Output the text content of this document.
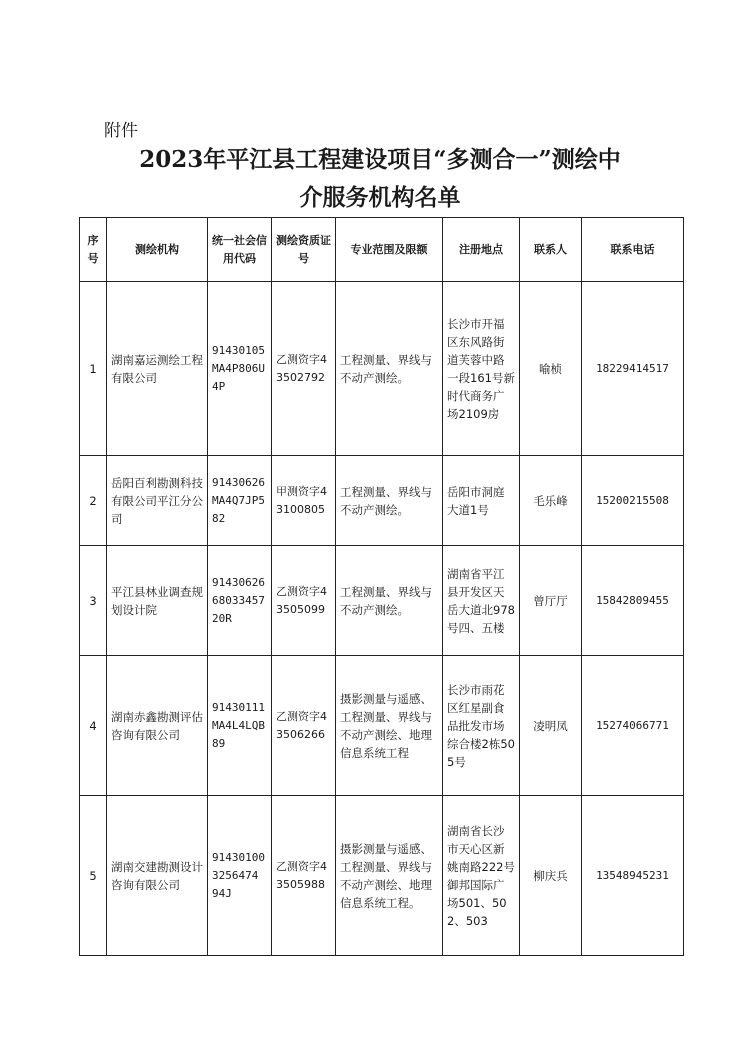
附件
2023年平江县工程建设项目“多测合一”测绘中
介服务机构名单
序号	测绘机构	统一社会信用代码	测绘资质证号	专业范围及限额	注册地点	联系人	联系电话
1	湖南嘉运测绘工程有限公司	91430105MA4P806U4P	乙测资字43502792	工程测量、界线与不动产测绘。	长沙市开福区东风路街道芙蓉中路一段161号新时代商务广场2109房	喻桢	18229414517
2	岳阳百利勘测科技有限公司平江分公司	91430626MA4Q7JP582	甲测资字43100805	工程测量、界线与不动产测绘。	岳阳市洞庭大道1号	毛乐峰	15200215508
3	平江县林业调查规划设计院	914306266803345720R	乙测资字43505099	工程测量、界线与不动产测绘。	湖南省平江县开发区天岳大道北978号四、五楼	曾厅厅	15842809455
4	湖南赤鑫勘测评估咨询有限公司	91430111MA4L4LQB89	乙测资字43506266	摄影测量与遥感、工程测量、界线与不动产测绘、地理信息系统工程	长沙市雨花区红星副食品批发市场综合楼2栋505号	凌明凤	15274066771
5	湖南交建勘测设计咨询有限公司	914301003256474 94J	乙测资字43505988	摄影测量与遥感、工程测量、界线与不动产测绘、地理信息系统工程。	湖南省长沙市天心区新姚南路222号御邦国际广场501、502、503	柳庆兵	13548945231
